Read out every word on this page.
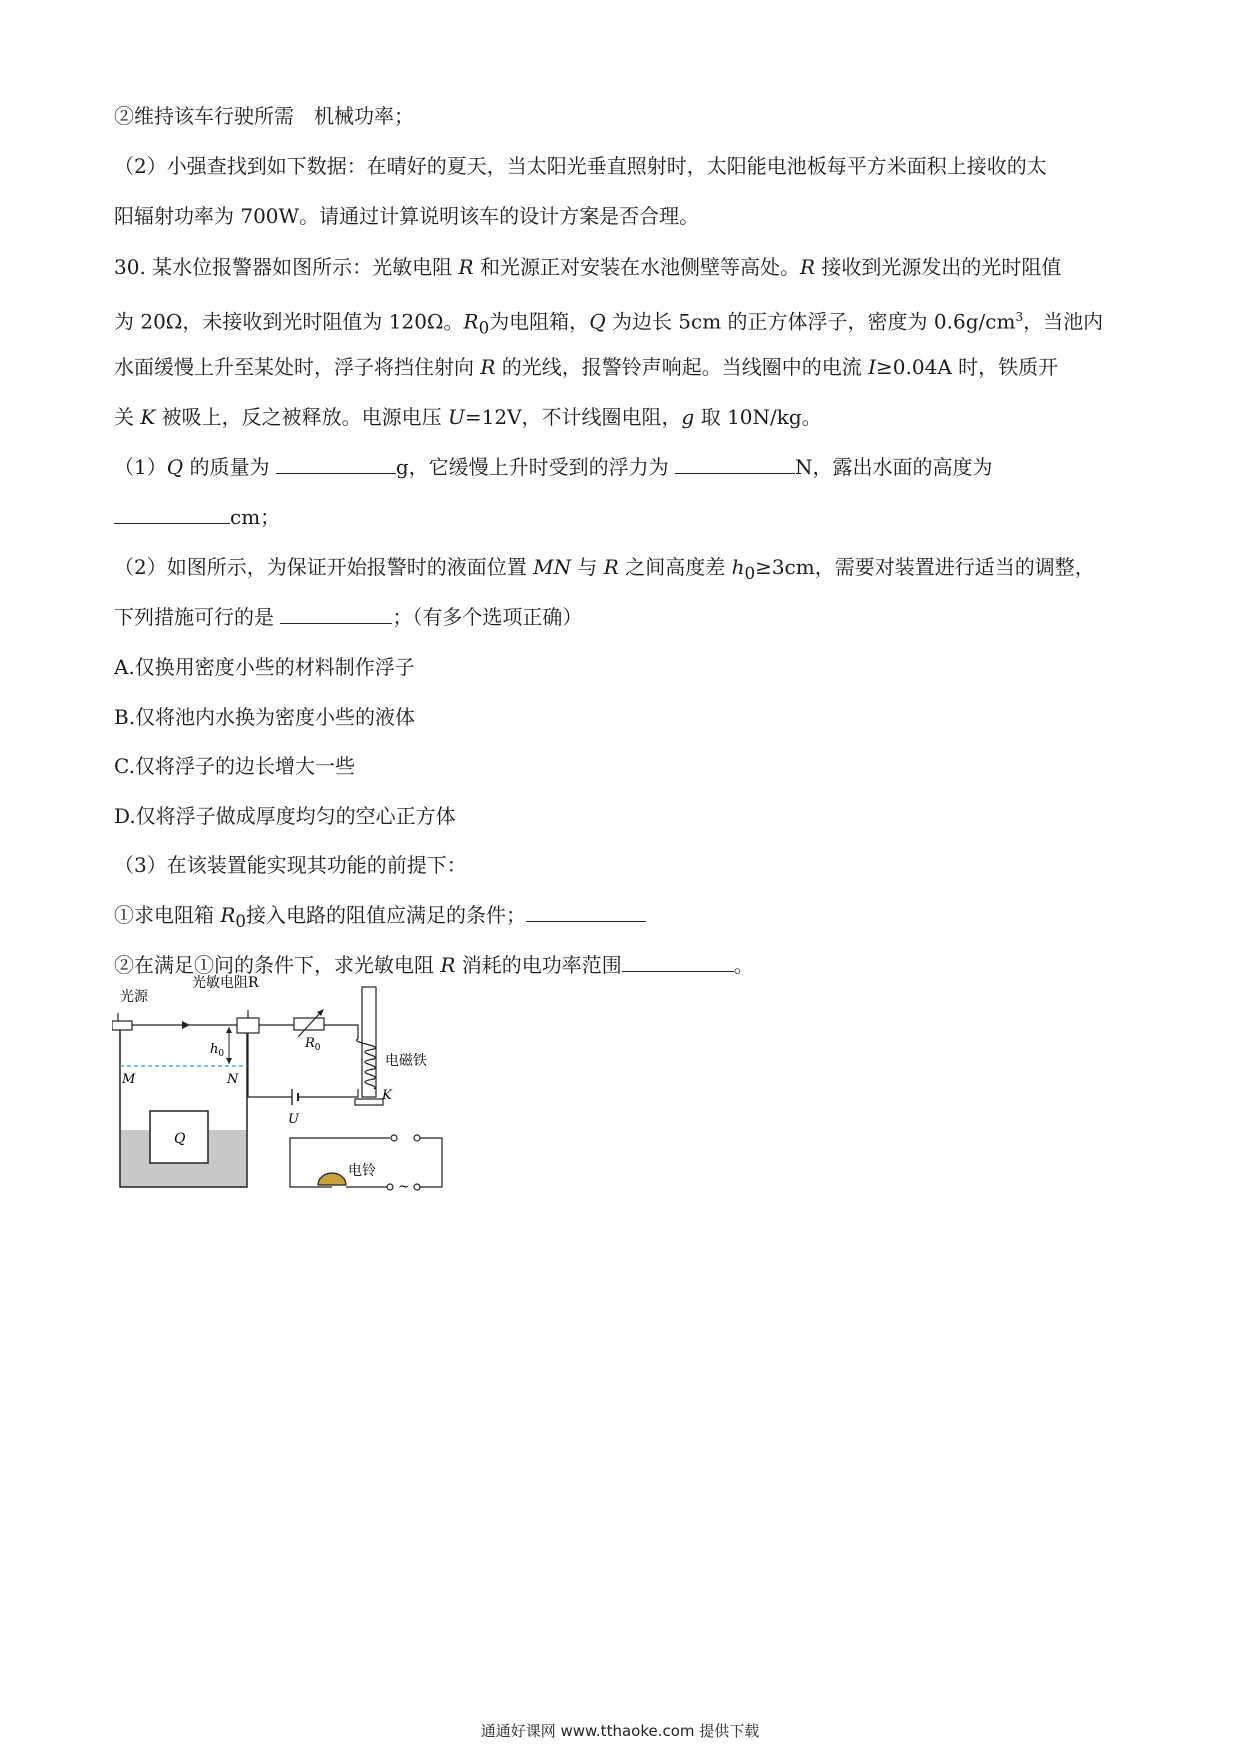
②维持该车行驶所需　机械功率；
（2）小强查找到如下数据：在晴好的夏天，当太阳光垂直照射时，太阳能电池板每平方米面积上接收的太
阳辐射功率为 700W。请通过计算说明该车的设计方案是否合理。
30. 某水位报警器如图所示：光敏电阻 R 和光源正对安装在水池侧壁等高处。R 接收到光源发出的光时阻值
为 20Ω，未接收到光时阻值为 120Ω。$R_0$为电阻箱，Q 为边长 5cm 的正方体浮子，密度为 $0.6g/cm^3$，当池内
水面缓慢上升至某处时，浮子将挡住射向 R 的光线，报警铃声响起。当线圈中的电流 I≥0.04A 时，铁质开
关 K 被吸上，反之被释放。电源电压 U=12V，不计线圈电阻，g 取 10N/kg。
（1）Q 的质量为	g，它缓慢上升时受到的浮力为	N，露出水面的高度为
cm；
（2）如图所示，为保证开始报警时的液面位置 MN 与 R 之间高度差 $h_0\ge 3cm$，需要对装置进行适当的调整，
下列措施可行的是	；（有多个选项正确）
A.仅换用密度小些的材料制作浮子
B.仅将池内水换为密度小些的液体
C.仅将浮子的边长增大一些
D.仅将浮子做成厚度均匀的空心正方体
（3）在该装置能实现其功能的前提下：
①求电阻箱 $R_0$接入电路的阻值应满足的条件；
②在满足①问的条件下，求光敏电阻 R 消耗的电功率范围	。
Q
M	N
光源
光敏电阻R
$h_0$
$R_0$
电磁铁
K
U
电铃
~
通通好课网 www.tthaoke.com 提供下载
